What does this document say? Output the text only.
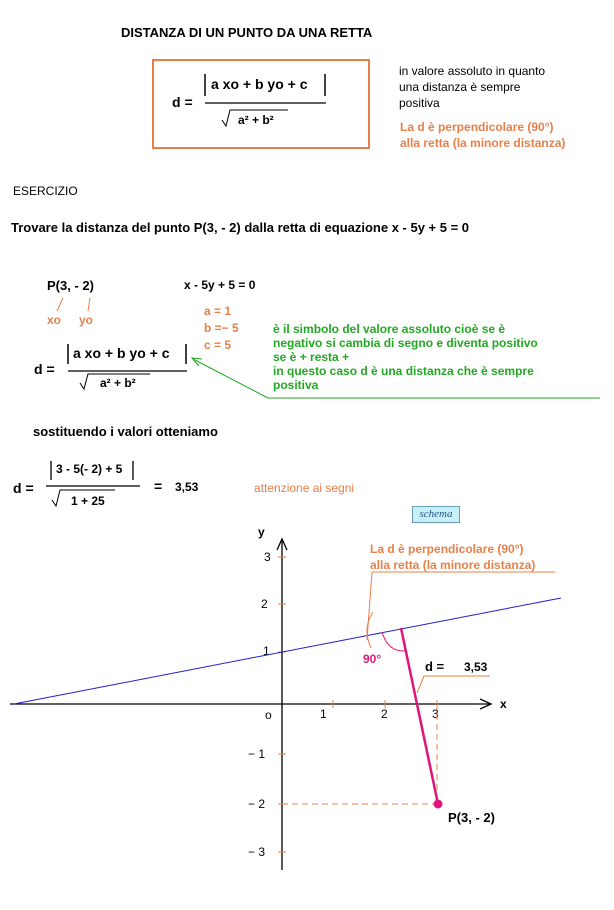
DISTANZA DI UN PUNTO DA UNA RETTA
d =
a xo + b yo + c
a² + b²
in valore assoluto in quanto
una distanza è sempre
positiva
La d è perpendicolare (90°)
alla retta (la minore distanza)
ESERCIZIO
Trovare la distanza del punto P(3, - 2) dalla retta di equazione x - 5y + 5 = 0
P(3, - 2)
xo yo
x - 5y + 5 = 0
a = 1
b =− 5
c = 5
è il simbolo del valore assoluto cioè se è
negativo si cambia di segno e diventa positivo
se è + resta +
in questo caso d è una distanza che è sempre
positiva
d =
a xo + b yo + c
a² + b²
sostituendo i valori otteniamo
d =
3 - 5(- 2) + 5
1 + 25
= 3,53	attenzione ai segni
schema
y
x
o	1	2	3
1
2
3
− 1
− 2
− 3
La d è perpendicolare (90°)
alla retta (la minore distanza)
90°	d = 3,53
P(3, - 2)
